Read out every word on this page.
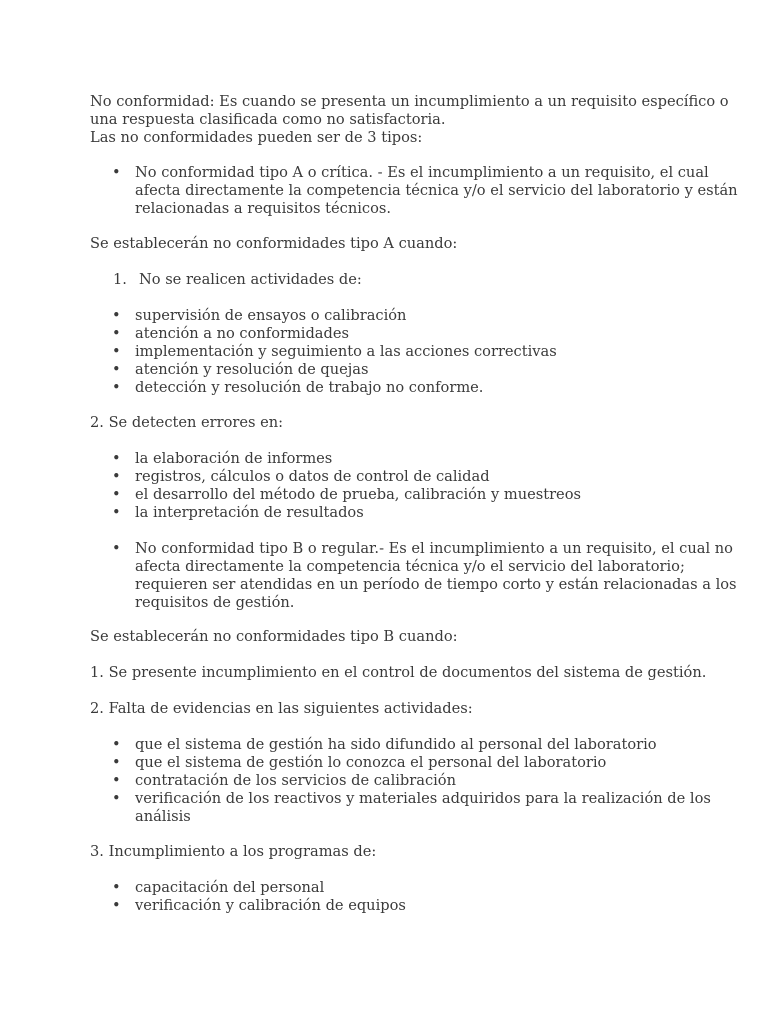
No conformidad: Es cuando se presenta un incumplimiento a un requisito específico o
una respuesta clasificada como no satisfactoria.
Las no conformidades pueden ser de 3 tipos:
• No conformidad tipo A o crítica. - Es el incumplimiento a un requisito, el cual
afecta directamente la competencia técnica y/o el servicio del laboratorio y están
relacionadas a requisitos técnicos.
Se establecerán no conformidades tipo A cuando:
1. No se realicen actividades de:
• supervisión de ensayos o calibración
• atención a no conformidades
• implementación y seguimiento a las acciones correctivas
• atención y resolución de quejas
• detección y resolución de trabajo no conforme.
2. Se detecten errores en:
• la elaboración de informes
• registros, cálculos o datos de control de calidad
• el desarrollo del método de prueba, calibración y muestreos
• la interpretación de resultados
• No conformidad tipo B o regular.- Es el incumplimiento a un requisito, el cual no
afecta directamente la competencia técnica y/o el servicio del laboratorio;
requieren ser atendidas en un período de tiempo corto y están relacionadas a los
requisitos de gestión.
Se establecerán no conformidades tipo B cuando:
1. Se presente incumplimiento en el control de documentos del sistema de gestión.
2. Falta de evidencias en las siguientes actividades:
• que el sistema de gestión ha sido difundido al personal del laboratorio
• que el sistema de gestión lo conozca el personal del laboratorio
• contratación de los servicios de calibración
• verificación de los reactivos y materiales adquiridos para la realización de los
análisis
3. Incumplimiento a los programas de:
• capacitación del personal
• verificación y calibración de equipos
